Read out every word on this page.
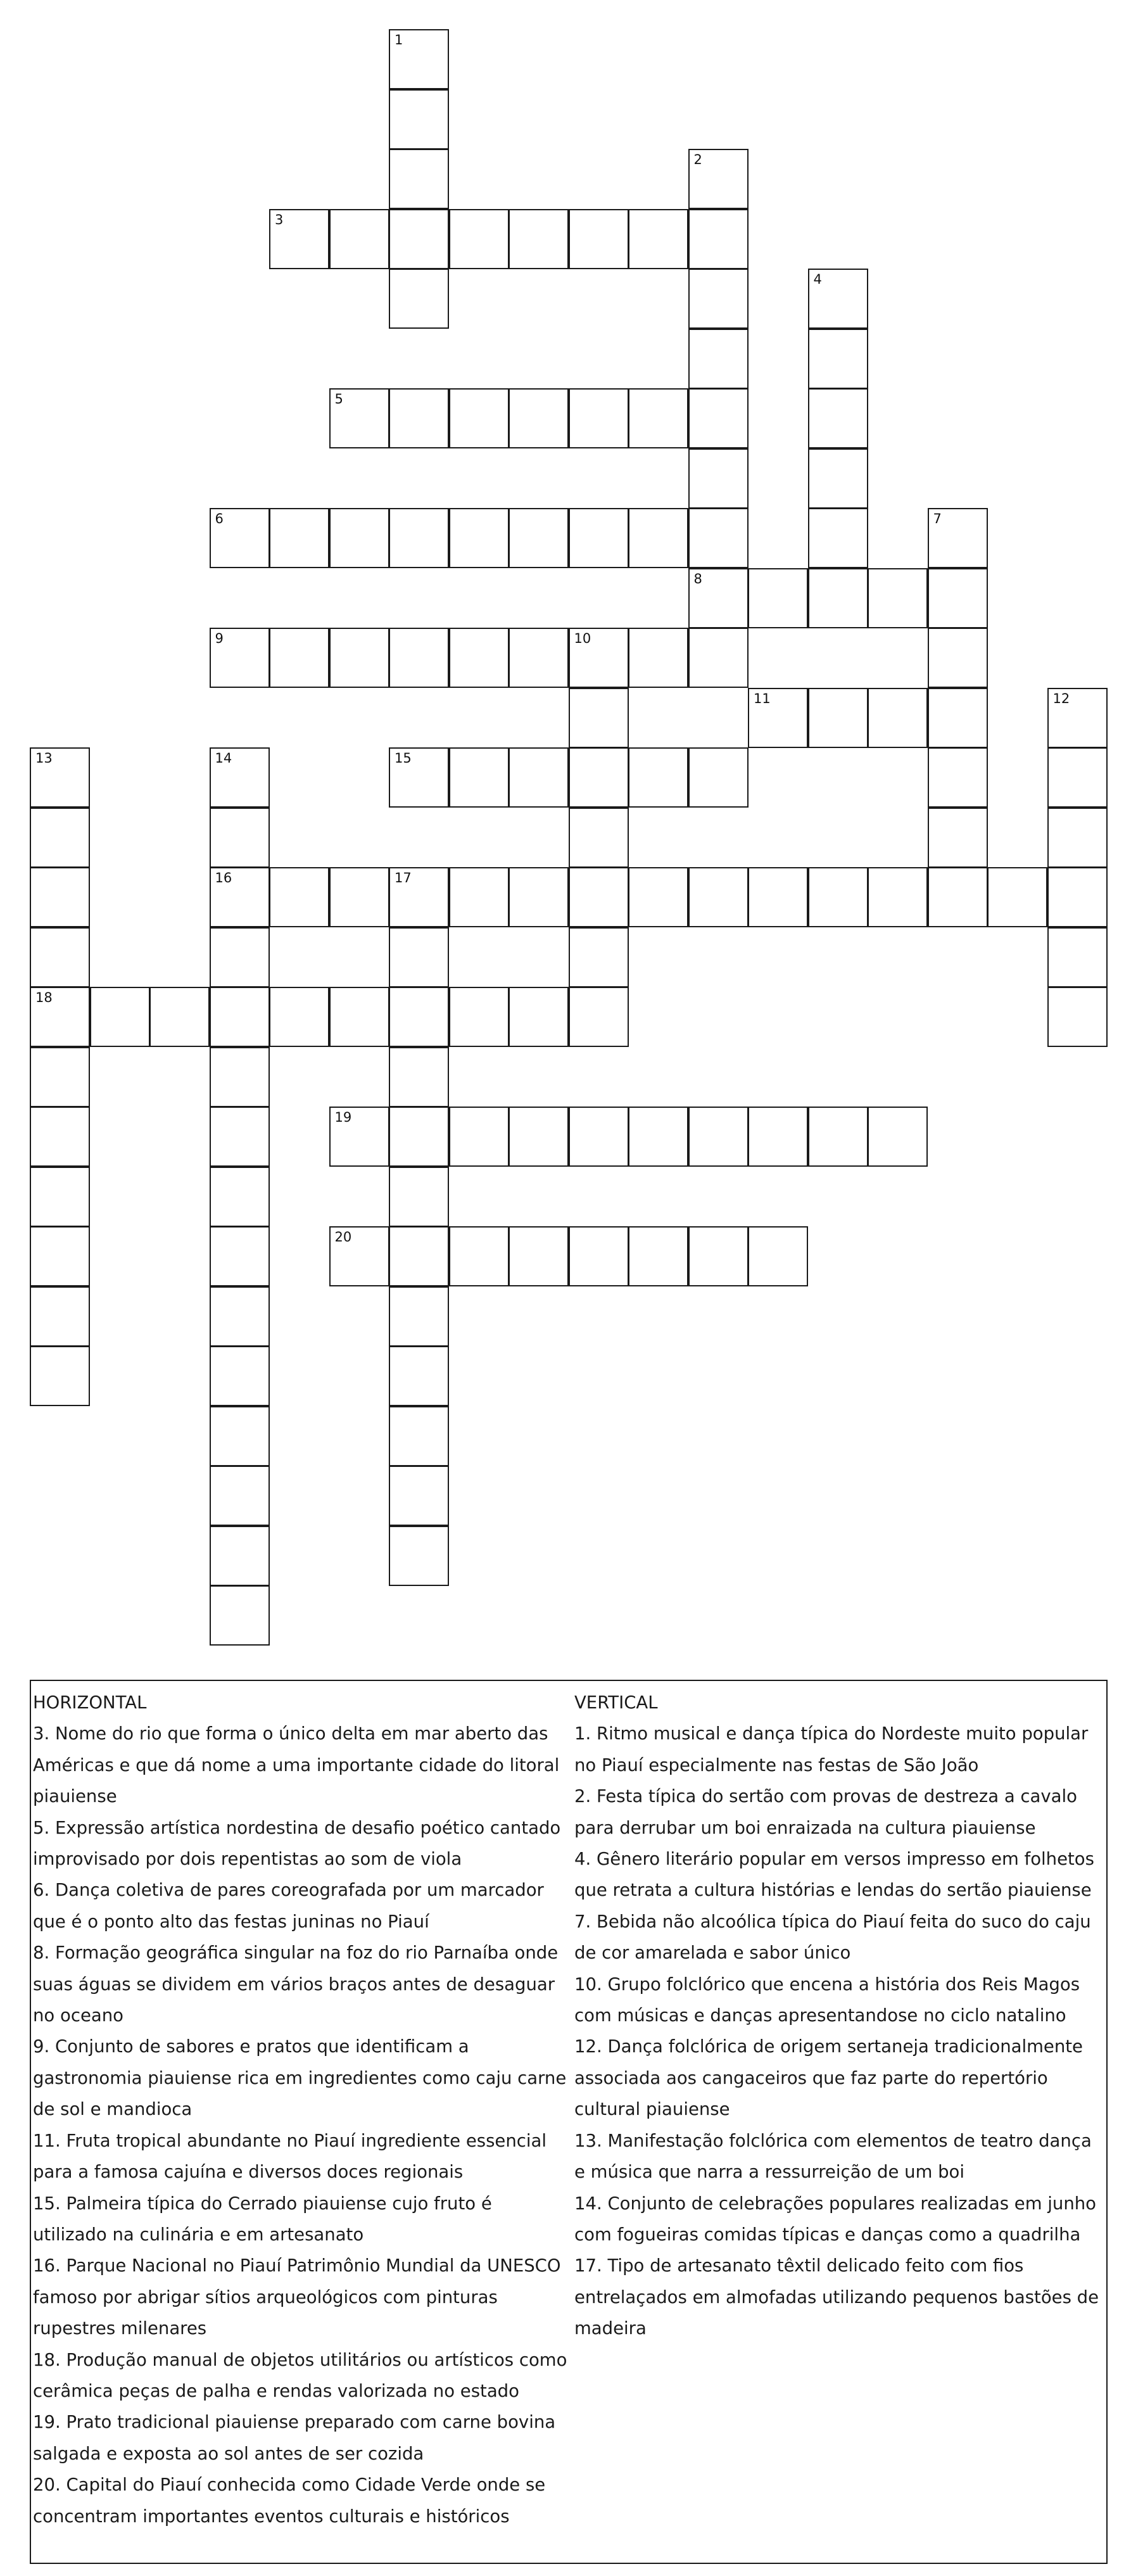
1
2
3
4
5
6	7
8
9	10
11	12
13	14
16
15
17
18
19
20
HORIZONTAL
3. Nome do rio que forma o único delta em mar aberto das Américas e que dá nome a uma importante cidade do litoral piauiense
5. Expressão artística nordestina de desafio poético cantado improvisado por dois repentistas ao som de viola
6. Dança coletiva de pares coreografada por um marcador que é o ponto alto das festas juninas no Piauí
8. Formação geográfica singular na foz do rio Parnaíba onde suas águas se dividem em vários braços antes de desaguar no oceano
9. Conjunto de sabores e pratos que identificam a gastronomia piauiense rica em ingredientes como caju carne de sol e mandioca
11. Fruta tropical abundante no Piauí ingrediente essencial para a famosa cajuína e diversos doces regionais
15. Palmeira típica do Cerrado piauiense cujo fruto é utilizado na culinária e em artesanato
16. Parque Nacional no Piauí Patrimônio Mundial da UNESCO famoso por abrigar sítios arqueológicos com pinturas rupestres milenares
18. Produção manual de objetos utilitários ou artísticos como cerâmica peças de palha e rendas valorizada no estado
19. Prato tradicional piauiense preparado com carne bovina salgada e exposta ao sol antes de ser cozida
20. Capital do Piauí conhecida como Cidade Verde onde se concentram importantes eventos culturais e históricos
VERTICAL
1. Ritmo musical e dança típica do Nordeste muito popular no Piauí especialmente nas festas de São João
2. Festa típica do sertão com provas de destreza a cavalo para derrubar um boi enraizada na cultura piauiense
4. Gênero literário popular em versos impresso em folhetos que retrata a cultura histórias e lendas do sertão piauiense
7. Bebida não alcoólica típica do Piauí feita do suco do caju de cor amarelada e sabor único
10. Grupo folclórico que encena a história dos Reis Magos com músicas e danças apresentandose no ciclo natalino
12. Dança folclórica de origem sertaneja tradicionalmente associada aos cangaceiros que faz parte do repertório cultural piauiense
13. Manifestação folclórica com elementos de teatro dança e música que narra a ressurreição de um boi
14. Conjunto de celebrações populares realizadas em junho com fogueiras comidas típicas e danças como a quadrilha
17. Tipo de artesanato têxtil delicado feito com fios entrelaçados em almofadas utilizando pequenos bastões de madeira
